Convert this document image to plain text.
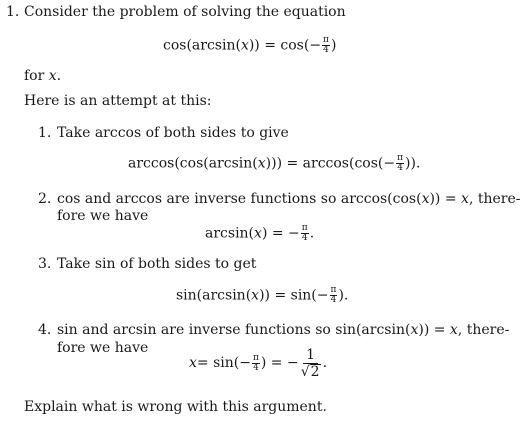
1. Consider the problem of solving the equation
$\cos(\arcsin(x)) = \cos(- \frac{\pi}{4}$ )
for x.
Here is an attempt at this:
1. Take arccos of both sides to give
$\arccos(\cos(\arcsin(x))) = \arccos(\cos(- \frac{\pi}{4}$ )).
2. cos and arccos are inverse functions so arccos(cos(x)) = x, there-
fore we have
arcsin(x) = − $\frac{\pi}{4}$ .
3. Take sin of both sides to get
$\sin(\arcsin(x)) = \sin(- \frac{\pi}{4}$ ).
4. sin and arcsin are inverse functions so sin(arcsin(x)) = x, there-
fore we have
$x = \sin(- \frac{\pi}{4}$ ) = − $\frac{1}{√ 2}$ .
Explain what is wrong with this argument.
